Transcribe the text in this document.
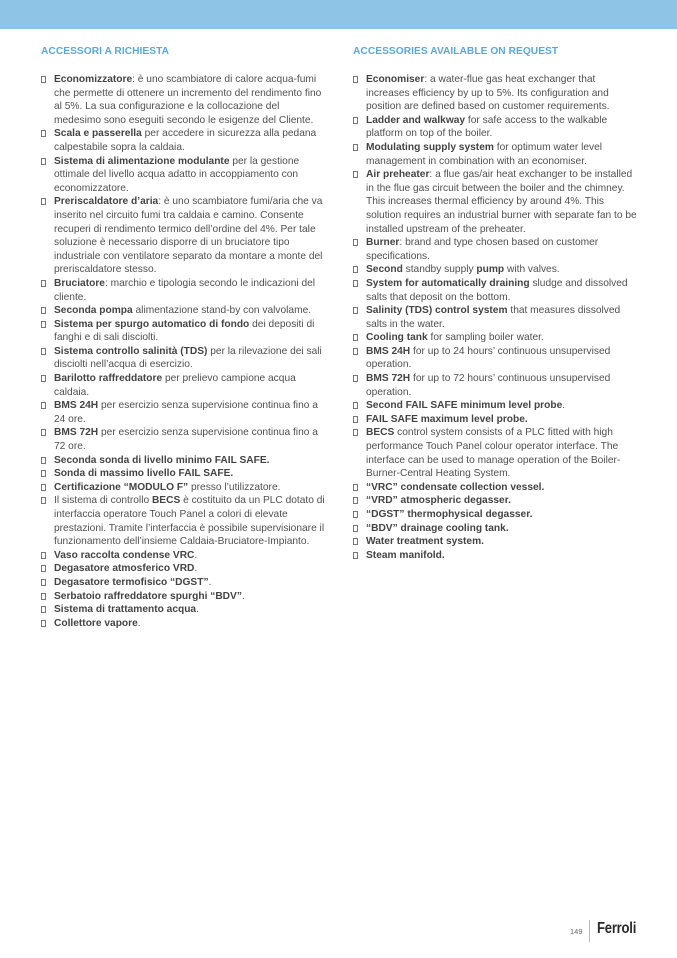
ACCESSORI A RICHIESTA
Economizzatore: è uno scambiatore di calore acqua-fumi che permette di ottenere un incremento del rendimento fino al 5%. La sua configurazione e la collocazione del medesimo sono eseguiti secondo le esigenze del Cliente.
Scala e passerella per accedere in sicurezza alla pedana calpestabile sopra la caldaia.
Sistema di alimentazione modulante per la gestione ottimale del livello acqua adatto in accoppiamento con economizzatore.
Preriscaldatore d’aria: è uno scambiatore fumi/aria che va inserito nel circuito fumi tra caldaia e camino. Consente recuperi di rendimento termico dell’ordine del 4%. Per tale soluzione è necessario disporre di un bruciatore tipo industriale con ventilatore separato da montare a monte del preriscaldatore stesso.
Bruciatore: marchio e tipologia secondo le indicazioni del cliente.
Seconda pompa alimentazione stand-by con valvolame.
Sistema per spurgo automatico di fondo dei depositi di fanghi e di sali disciolti.
Sistema controllo salinità (TDS) per la rilevazione dei sali disciolti nell’acqua di esercizio.
Barilotto raffreddatore per prelievo campione acqua caldaia.
BMS 24H per esercizio senza supervisione continua fino a 24 ore.
BMS 72H per esercizio senza supervisione continua fino a 72 ore.
Seconda sonda di livello minimo FAIL SAFE.
Sonda di massimo livello FAIL SAFE.
Certificazione “MODULO F” presso l’utilizzatore.
Il sistema di controllo BECS è costituito da un PLC dotato di interfaccia operatore Touch Panel a colori di elevate prestazioni. Tramite l’interfaccia è possibile supervisionare il funzionamento dell’insieme Caldaia-Bruciatore-Impianto.
Vaso raccolta condense VRC.
Degasatore atmosferico VRD.
Degasatore termofisico “DGST”.
Serbatoio raffreddatore spurghi “BDV”.
Sistema di trattamento acqua.
Collettore vapore.
ACCESSORIES AVAILABLE ON REQUEST
Economiser: a water-flue gas heat exchanger that increases efficiency by up to 5%. Its configuration and position are defined based on customer requirements.
Ladder and walkway for safe access to the walkable platform on top of the boiler.
Modulating supply system for optimum water level management in combination with an economiser.
Air preheater: a flue gas/air heat exchanger to be installed in the flue gas circuit between the boiler and the chimney. This increases thermal efficiency by around 4%. This solution requires an industrial burner with separate fan to be installed upstream of the preheater.
Burner: brand and type chosen based on customer specifications.
Second standby supply pump with valves.
System for automatically draining sludge and dissolved salts that deposit on the bottom.
Salinity (TDS) control system that measures dissolved salts in the water.
Cooling tank for sampling boiler water.
BMS 24H for up to 24 hours’ continuous unsupervised operation.
BMS 72H for up to 72 hours’ continuous unsupervised operation.
Second FAIL SAFE minimum level probe.
FAIL SAFE maximum level probe.
BECS control system consists of a PLC fitted with high performance Touch Panel colour operator interface. The interface can be used to manage operation of the Boiler-Burner-Central Heating System.
“VRC” condensate collection vessel.
“VRD” atmospheric degasser.
“DGST” thermophysical degasser.
“BDV” drainage cooling tank.
Water treatment system.
Steam manifold.
149 Ferroli
